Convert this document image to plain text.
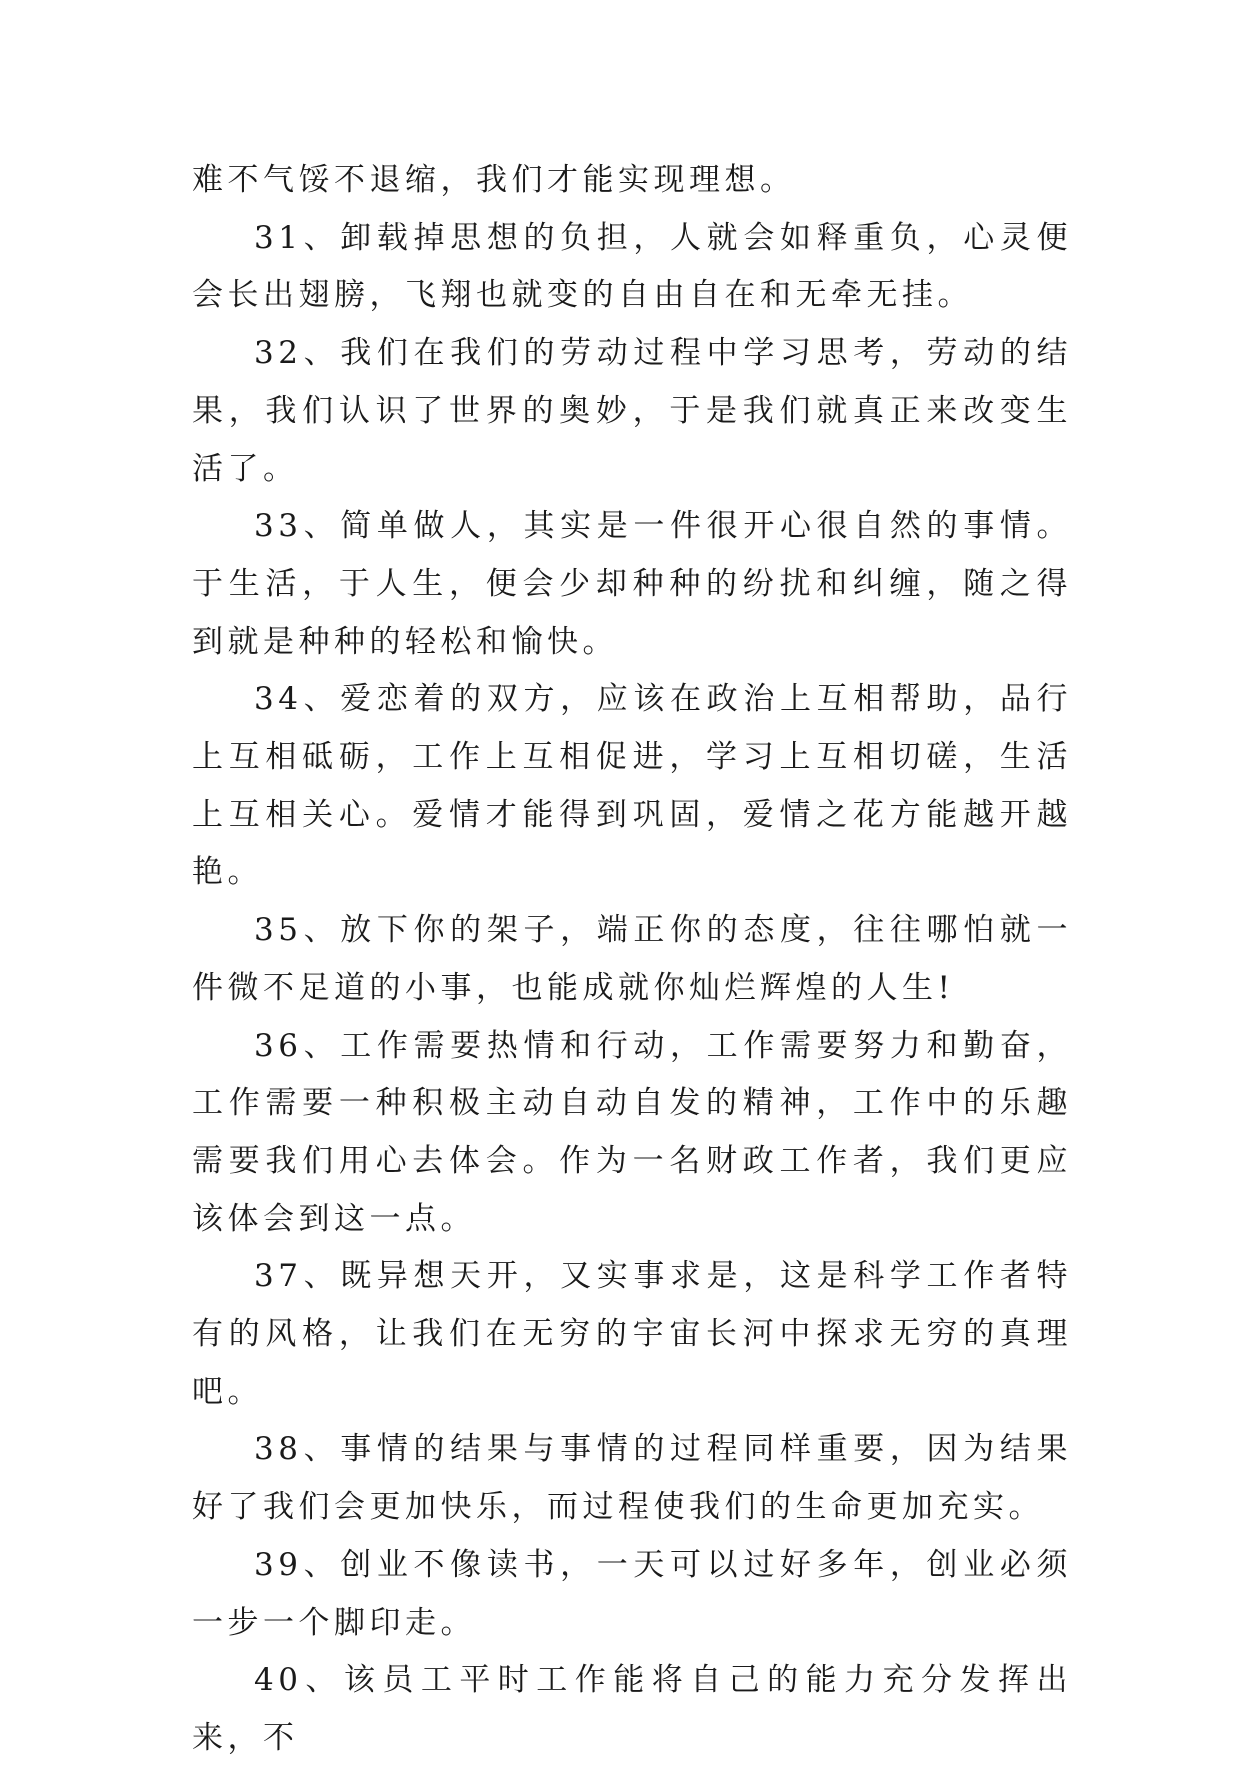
难不气馁不退缩，我们才能实现理想。

31、卸载掉思想的负担，人就会如释重负，心灵便会长出翅膀，飞翔也就变的自由自在和无牵无挂。

32、我们在我们的劳动过程中学习思考，劳动的结果，我们认识了世界的奥妙，于是我们就真正来改变生活了。

33、简单做人，其实是一件很开心很自然的事情。于生活，于人生，便会少却种种的纷扰和纠缠，随之得到就是种种的轻松和愉快。

34、爱恋着的双方，应该在政治上互相帮助，品行上互相砥砺，工作上互相促进，学习上互相切磋，生活上互相关心。爱情才能得到巩固，爱情之花方能越开越艳。

35、放下你的架子，端正你的态度，往往哪怕就一件微不足道的小事，也能成就你灿烂辉煌的人生!

36、工作需要热情和行动，工作需要努力和勤奋，工作需要一种积极主动自动自发的精神，工作中的乐趣需要我们用心去体会。作为一名财政工作者，我们更应该体会到这一点。

37、既异想天开，又实事求是，这是科学工作者特有的风格，让我们在无穷的宇宙长河中探求无穷的真理吧。

38、事情的结果与事情的过程同样重要，因为结果好了我们会更加快乐，而过程使我们的生命更加充实。

39、创业不像读书，一天可以过好多年，创业必须一步一个脚印走。

40、该员工平时工作能将自己的能力充分发挥出来，不
